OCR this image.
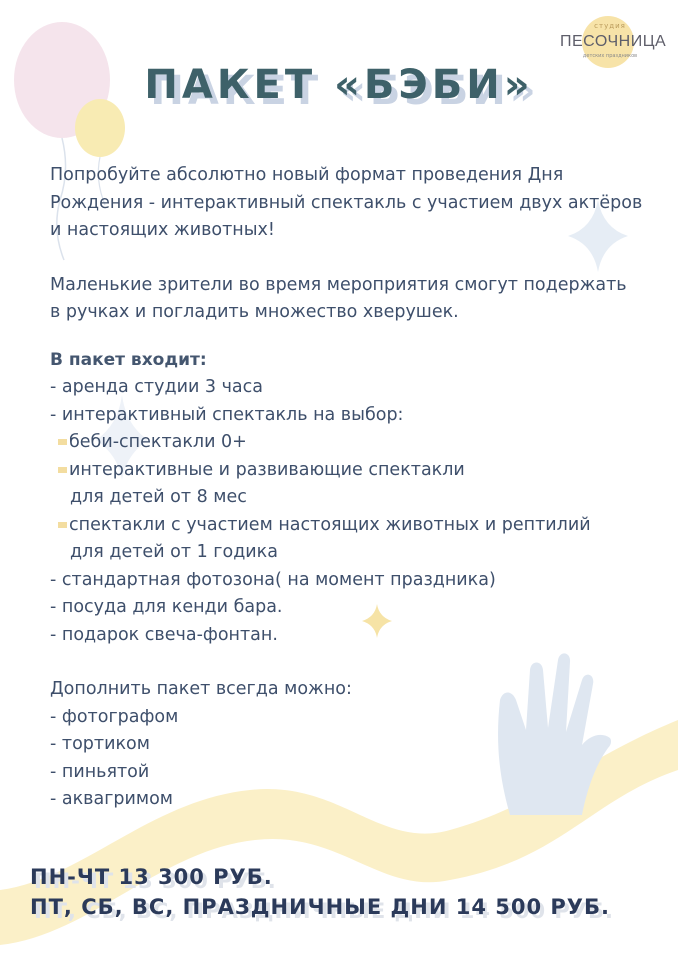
студия
ПЕСОЧНИЦА
детских праздников
ПАКЕТ «БЭБИ»

Попробуйте абсолютно новый формат проведения Дня

Рождения - интерактивный спектакль с участием двух актёров

и настоящих животных!

Маленькие зрители во время мероприятия смогут подержать

в ручках и погладить множество хверушек.

В пакет входит:

- аренда студии 3 часа

- интерактивный спектакль на выбор:

беби-спектакли 0+

интерактивные и развивающие спектакли

для детей от 8 мес

спектакли с участием настоящих животных и рептилий

для детей от 1 годика

- стандартная фотозона( на момент праздника)

- посуда для кенди бара.

- подарок свеча-фонтан.

Дополнить пакет всегда можно:

- фотографом

- тортиком

- пиньятой

- аквагримом

ПН-ЧТ 13 300 РУБ.

ПТ, СБ, ВС, ПРАЗДНИЧНЫЕ ДНИ 14 500 РУБ.
